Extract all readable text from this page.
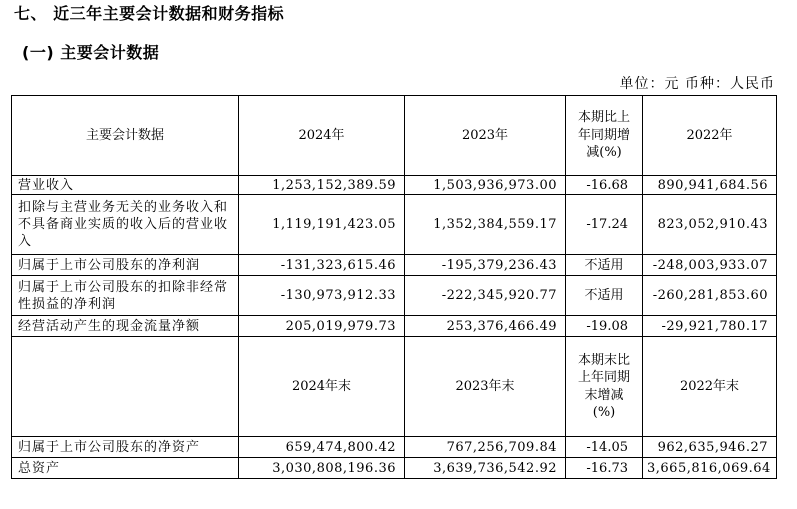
七、 近三年主要会计数据和财务指标
(一) 主要会计数据
单位：元 币种：人民币
主要会计数据	2024年	2023年	本期比上年同期增减(%)	2022年
营业收入	1,253,152,389.59	1,503,936,973.00	-16.68	890,941,684.56
扣除与主营业务无关的业务收入和不具备商业实质的收入后的营业收入	1,119,191,423.05	1,352,384,559.17	-17.24	823,052,910.43
归属于上市公司股东的净利润	-131,323,615.46	-195,379,236.43	不适用	-248,003,933.07
归属于上市公司股东的扣除非经常性损益的净利润	-130,973,912.33	-222,345,920.77	不适用	-260,281,853.60
经营活动产生的现金流量净额	205,019,979.73	253,376,466.49	-19.08	-29,921,780.17
	2024年末	2023年末	本期末比上年同期末增减(%)	2022年末
归属于上市公司股东的净资产	659,474,800.42	767,256,709.84	-14.05	962,635,946.27
总资产	3,030,808,196.36	3,639,736,542.92	-16.73	3,665,816,069.64
